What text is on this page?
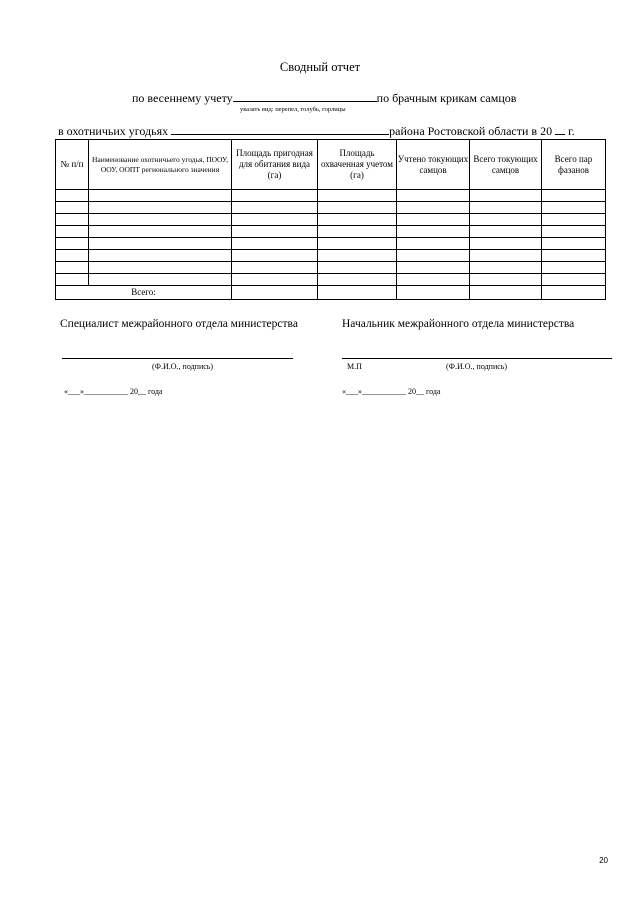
Сводный отчет
по весеннему учету	по брачным крикам самцов
указать вид: перепел, голубь, горлицы
в охотничьих угодьях	района Ростовской области в 20 г.
№ п/п	Наименование охотничьего угодья, ПООУ, ООУ, ООПТ регионального значения	Площадь пригодная для обитания вида (га)	Площадь охваченная учетом (га)	Учтено токующих самцов	Всего токующих самцов	Всего пар фазанов

Всего:						
Специалист межрайонного отдела министерства	Начальник межрайонного отдела министерства
(Ф.И.О., подпись)	М.П	(Ф.И.О., подпись)
«___»___________ 20__ года	«___»___________ 20__ года
20
